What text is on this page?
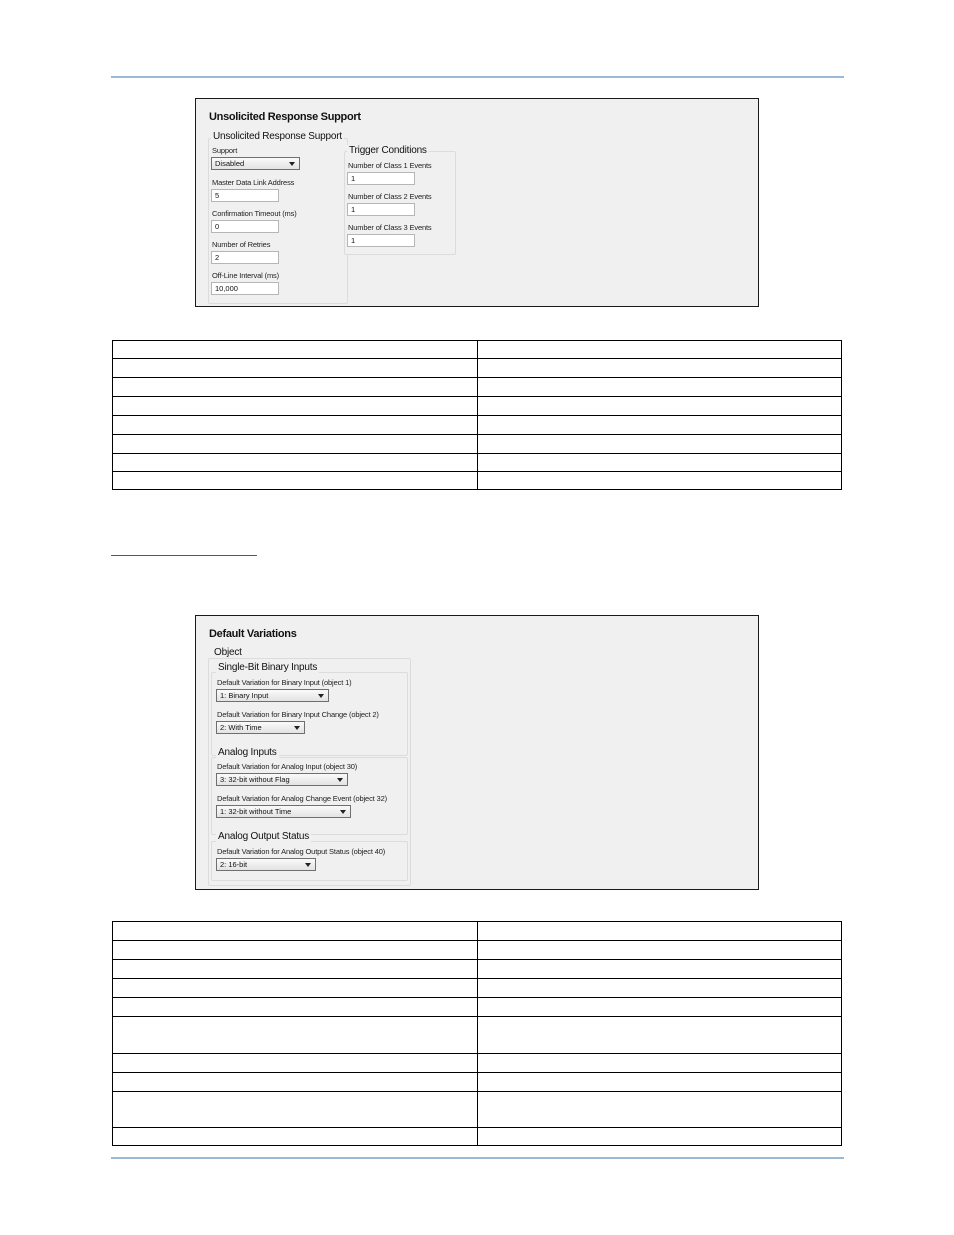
Unsolicited Response Support
Unsolicited Response Support
Support
Disabled
Master Data Link Address
5
Confirmation Timeout (ms)
0
Number of Retries
2
Off-Line Interval (ms)
10,000
Trigger Conditions
Number of Class 1 Events
1
Number of Class 2 Events
1
Number of Class 3 Events
1

Default Variations
Object
Single-Bit Binary Inputs
Default Variation for Binary Input (object 1)
1: Binary Input
Default Variation for Binary Input Change (object 2)
2: With Time
Analog Inputs
Default Variation for Analog Input (object 30)
3: 32-bit without Flag
Default Variation for Analog Change Event (object 32)
1: 32-bit without Time
Analog Output Status
Default Variation for Analog Output Status (object 40)
2: 16-bit
